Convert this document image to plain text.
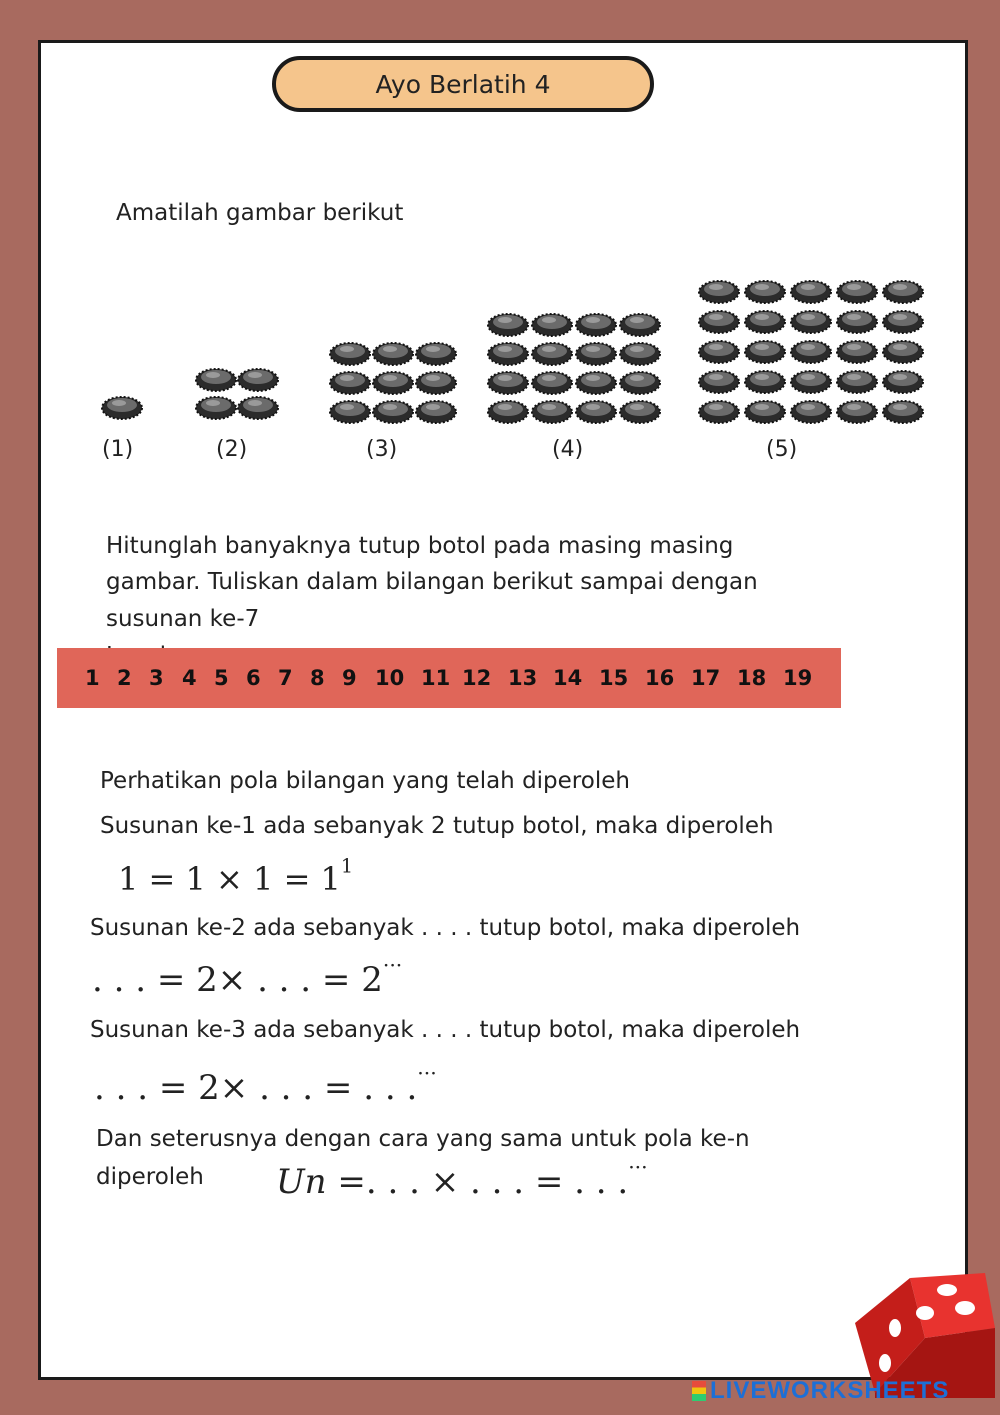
Ayo Berlatih 4
Amatilah gambar berikut
(1)	(2)	(3)	(4)	(5)
Hitunglah banyaknya tutup botol pada masing masing
gambar. Tuliskan dalam bilangan berikut sampai dengan
susunan ke-7
1 2 3 4 5 6 7 8 9 10 11 12 13 14 15 16 17 18 19
Perhatikan pola bilangan yang telah diperoleh
Susunan ke-1 ada sebanyak 2 tutup botol, maka diperoleh
$1 = 1 \times 1 = 1^1$
Susunan ke-2 ada sebanyak . . . . tutup botol, maka diperoleh
. . . = 2× . . . = 2···
Susunan ke-3 ada sebanyak . . . . tutup botol, maka diperoleh
. . . = 2× . . . = . . .···
Dan seterusnya dengan cara yang sama untuk pola ke-n
diperoleh Un =. . . × . . . = . . .···
LIVEWORKSHEETS
